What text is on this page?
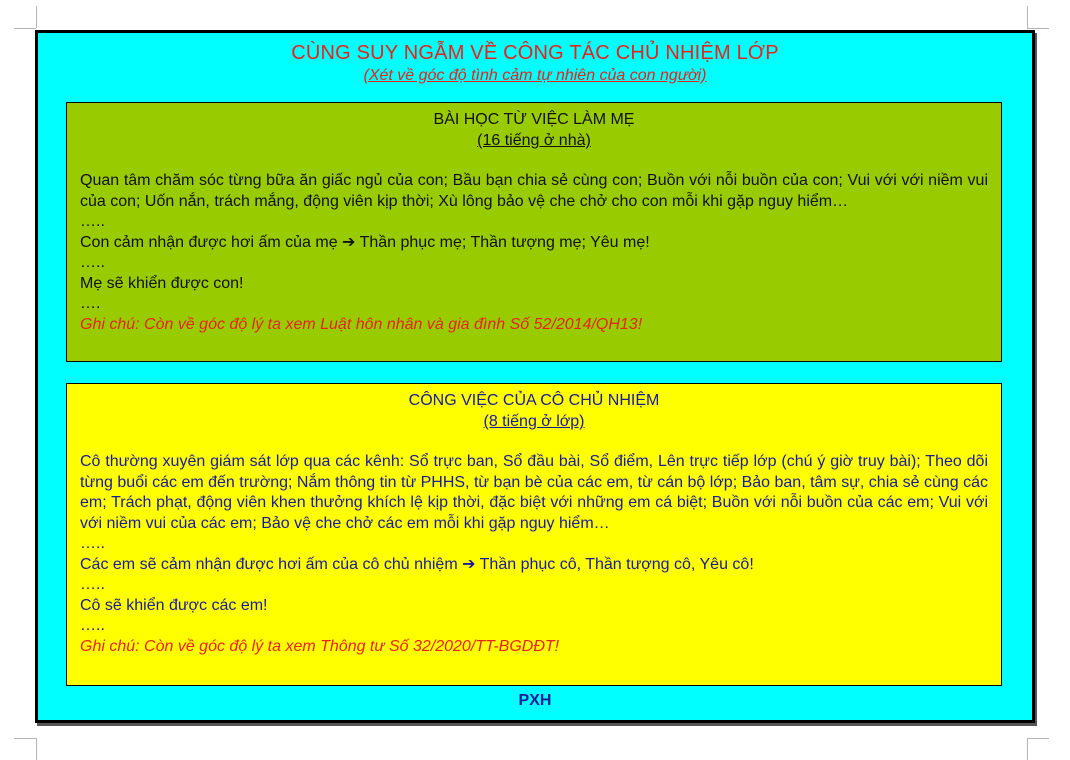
CÙNG SUY NGẪM VỀ CÔNG TÁC CHỦ NHIỆM LỚP
(Xét về góc độ tình cảm tự nhiên của con người)
BÀI HỌC TỪ VIỆC LÀM MẸ
(16 tiếng ở nhà)
Quan tâm chăm sóc từng bữa ăn giấc ngủ của con; Bầu bạn chia sẻ cùng con; Buồn với nỗi buồn của con; Vui với với niềm vui của con; Uốn nắn, trách mắng, động viên kịp thời; Xù lông bảo vệ che chở cho con mỗi khi gặp nguy hiểm…
…..
Con cảm nhận được hơi ấm của mẹ ➔ Thần phục mẹ; Thần tượng mẹ; Yêu mẹ!
…..
Mẹ sẽ khiển được con!
….
Ghi chú: Còn về góc độ lý ta xem Luật hôn nhân và gia đình Số 52/2014/QH13!
CÔNG VIỆC CỦA CÔ CHỦ NHIỆM
(8 tiếng ở lớp)
Cô thường xuyên giám sát lớp qua các kênh: Sổ trực ban, Sổ đầu bài, Sổ điểm, Lên trực tiếp lớp (chú ý giờ truy bài); Theo dõi từng buổi các em đến trường; Nắm thông tin từ PHHS, từ bạn bè của các em, từ cán bộ lớp; Bảo ban, tâm sự, chia sẻ cùng các em; Trách phạt, động viên khen thưởng khích lệ kịp thời, đặc biệt với những em cá biệt; Buồn với nỗi buồn của các em; Vui với với niềm vui của các em; Bảo vệ che chở các em mỗi khi gặp nguy hiểm…
…..
Các em sẽ cảm nhận được hơi ấm của cô chủ nhiệm ➔ Thần phục cô, Thần tượng cô, Yêu cô!
…..
Cô sẽ khiển được các em!
…..
Ghi chú: Còn về góc độ lý ta xem Thông tư Số 32/2020/TT-BGDĐT!
PXH
